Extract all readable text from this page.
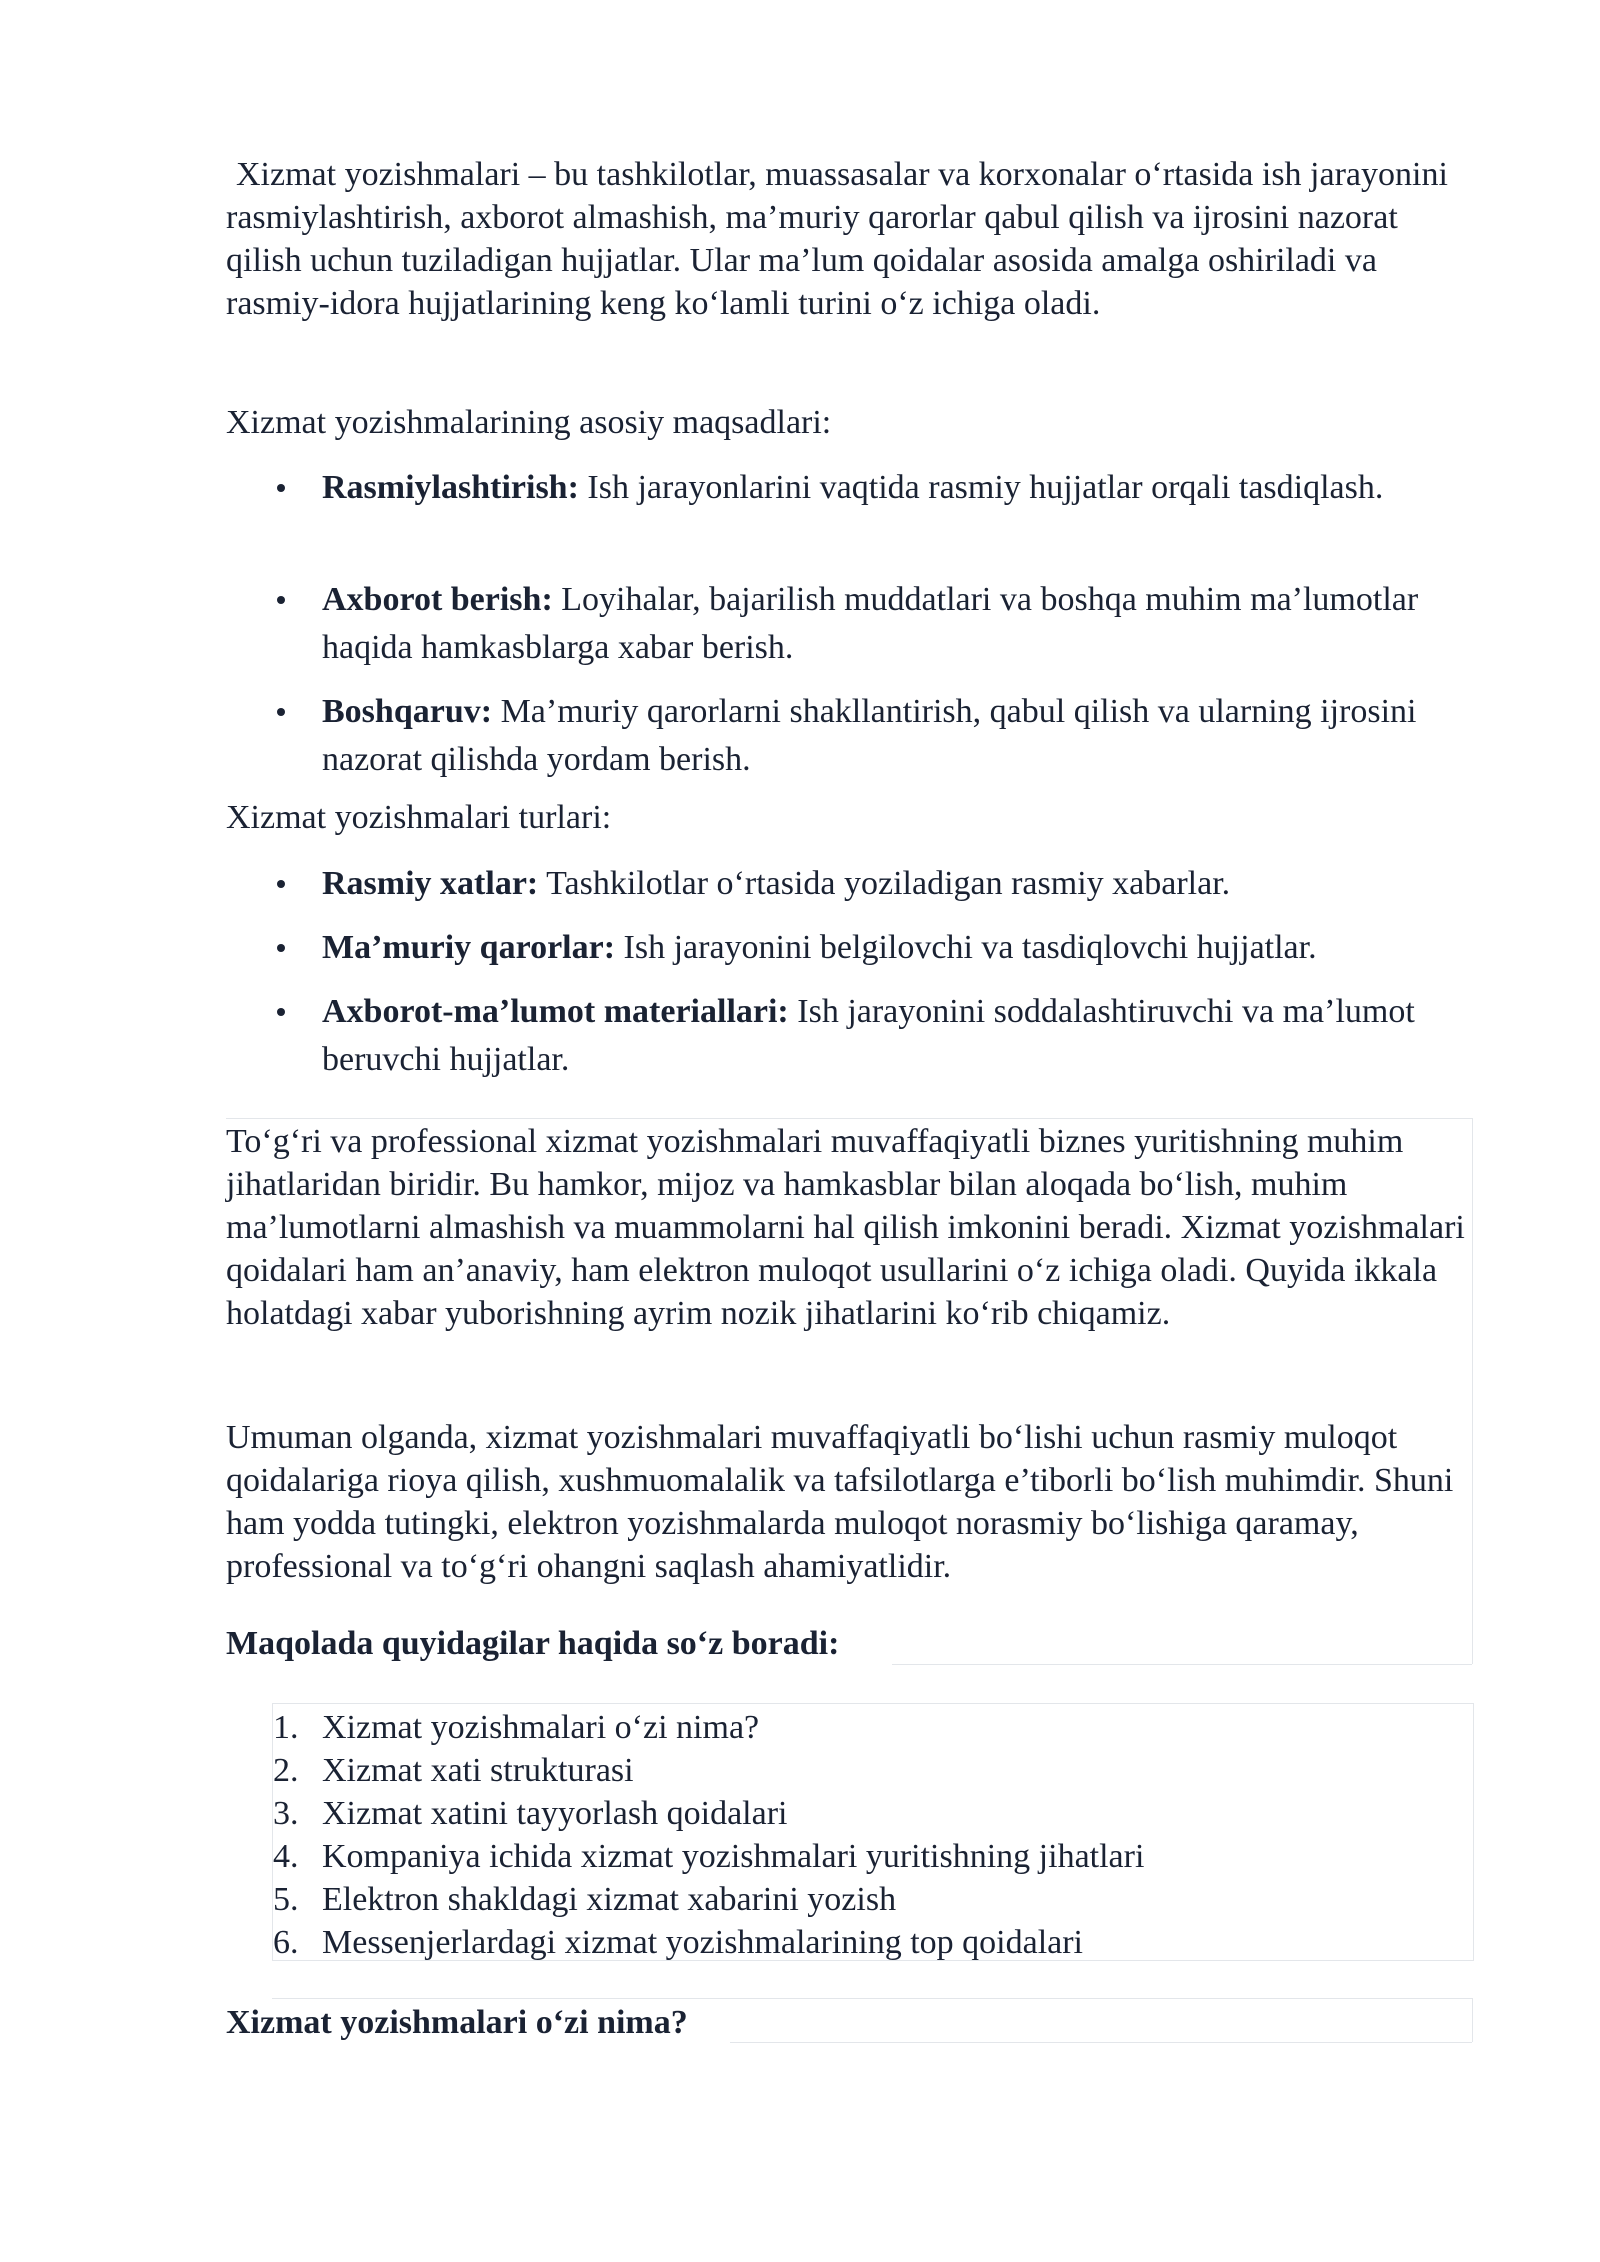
Xizmat yozishmalari – bu tashkilotlar, muassasalar va korxonalar o‘rtasida ish jarayonini rasmiylashtirish, axborot almashish, ma’muriy qarorlar qabul qilish va ijrosini nazorat qilish uchun tuziladigan hujjatlar. Ular ma’lum qoidalar asosida amalga oshiriladi va rasmiy-idora hujjatlarining keng ko‘lamli turini o‘z ichiga oladi.

Xizmat yozishmalarining asosiy maqsadlari:

Rasmiylashtirish: Ish jarayonlarini vaqtida rasmiy hujjatlar orqali tasdiqlash.

Axborot berish: Loyihalar, bajarilish muddatlari va boshqa muhim ma’lumotlar haqida hamkasblarga xabar berish.

Boshqaruv: Ma’muriy qarorlarni shakllantirish, qabul qilish va ularning ijrosini nazorat qilishda yordam berish.

Xizmat yozishmalari turlari:

Rasmiy xatlar: Tashkilotlar o‘rtasida yoziladigan rasmiy xabarlar.

Ma’muriy qarorlar: Ish jarayonini belgilovchi va tasdiqlovchi hujjatlar.

Axborot-ma’lumot materiallari: Ish jarayonini soddalashtiruvchi va ma’lumot beruvchi hujjatlar.

To‘g‘ri va professional xizmat yozishmalari muvaffaqiyatli biznes yuritishning muhim jihatlaridan biridir. Bu hamkor, mijoz va hamkasblar bilan aloqada bo‘lish, muhim ma’lumotlarni almashish va muammolarni hal qilish imkonini beradi. Xizmat yozishmalari qoidalari ham an’anaviy, ham elektron muloqot usullarini o‘z ichiga oladi. Quyida ikkala holatdagi xabar yuborishning ayrim nozik jihatlarini ko‘rib chiqamiz.

Umuman olganda, xizmat yozishmalari muvaffaqiyatli bo‘lishi uchun rasmiy muloqot qoidalariga rioya qilish, xushmuomalalik va tafsilotlarga e’tiborli bo‘lish muhimdir. Shuni ham yodda tutingki, elektron yozishmalarda muloqot norasmiy bo‘lishiga qaramay, professional va to‘g‘ri ohangni saqlash ahamiyatlidir.

Maqolada quyidagilar haqida so‘z boradi:

1. Xizmat yozishmalari o‘zi nima?
2. Xizmat xati strukturasi
3. Xizmat xatini tayyorlash qoidalari
4. Kompaniya ichida xizmat yozishmalari yuritishning jihatlari
5. Elektron shakldagi xizmat xabarini yozish
6. Messenjerlardagi xizmat yozishmalarining top qoidalari

Xizmat yozishmalari o‘zi nima?
